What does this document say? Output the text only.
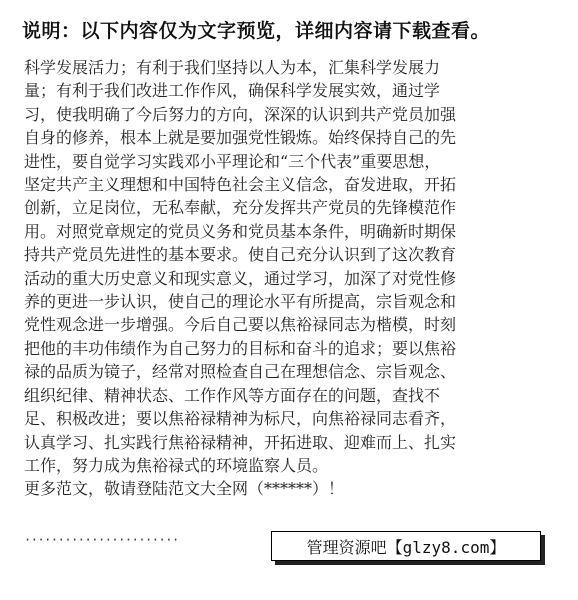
说明：以下内容仅为文字预览，详细内容请下载查看。
科学发展活力；有利于我们坚持以人为本，汇集科学发展力
量；有利于我们改进工作作风，确保科学发展实效，通过学
习，使我明确了今后努力的方向，深深的认识到共产党员加强
自身的修养，根本上就是要加强党性锻炼。始终保持自己的先
进性，要自觉学习实践邓小平理论和“三个代表”重要思想，
坚定共产主义理想和中国特色社会主义信念，奋发进取，开拓
创新，立足岗位，无私奉献，充分发挥共产党员的先锋模范作
用。对照党章规定的党员义务和党员基本条件，明确新时期保
持共产党员先进性的基本要求。使自己充分认识到了这次教育
活动的重大历史意义和现实意义，通过学习，加深了对党性修
养的更进一步认识，使自己的理论水平有所提高，宗旨观念和
党性观念进一步增强。今后自己要以焦裕禄同志为楷模，时刻
把他的丰功伟绩作为自己努力的目标和奋斗的追求；要以焦裕
禄的品质为镜子，经常对照检查自己在理想信念、宗旨观念、
组织纪律、精神状态、工作作风等方面存在的问题，查找不
足、积极改进；要以焦裕禄精神为标尺，向焦裕禄同志看齐，
认真学习、扎实践行焦裕禄精神，开拓进取、迎难而上、扎实
工作，努力成为焦裕禄式的环境监察人员。
更多范文，敬请登陆范文大全网（******）！
·······················	管理资源吧【glzy8.com】
